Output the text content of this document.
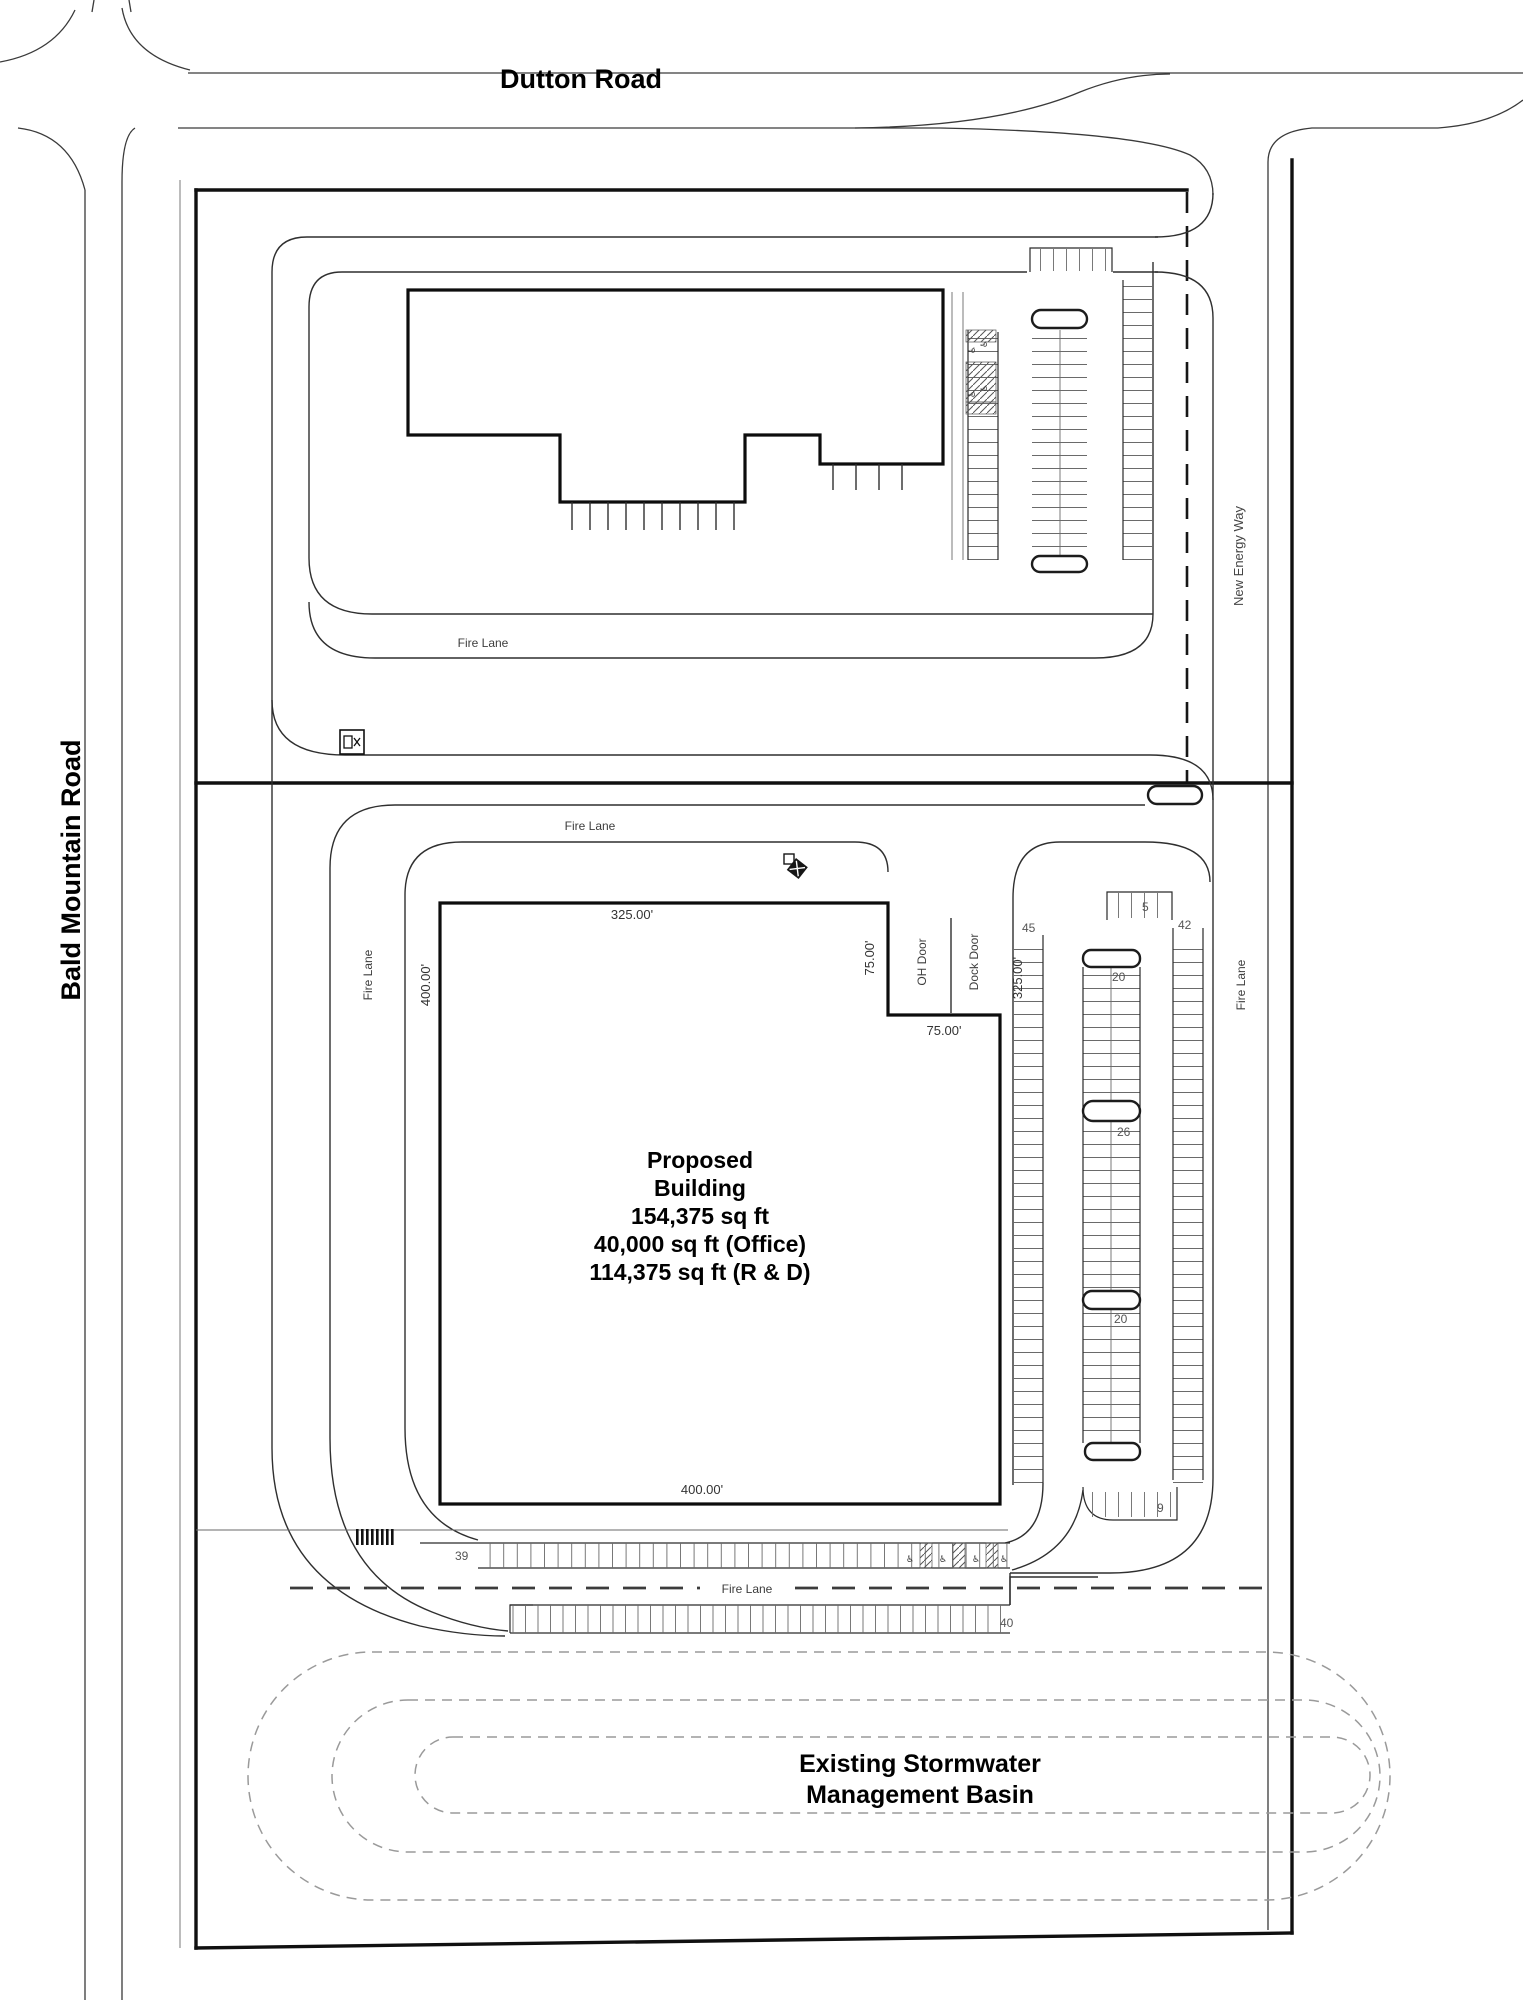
♿
♿
♿
♿
♿	♿	♿ ♿
Dutton Road
Bald Mountain Road
New Energy Way
Fire Lane
Fire Lane
Fire Lane	Fire Lane
Fire Lane
325.00'
400.00'	325.00'
400.00'
75.00'
75.00'
OH Door	Dock Door
45
5
42
20
26
20
9
39
40
Proposed
Building
154,375 sq ft
40,000 sq ft (Office)
114,375 sq ft (R & D)
Existing Stormwater
Management Basin
